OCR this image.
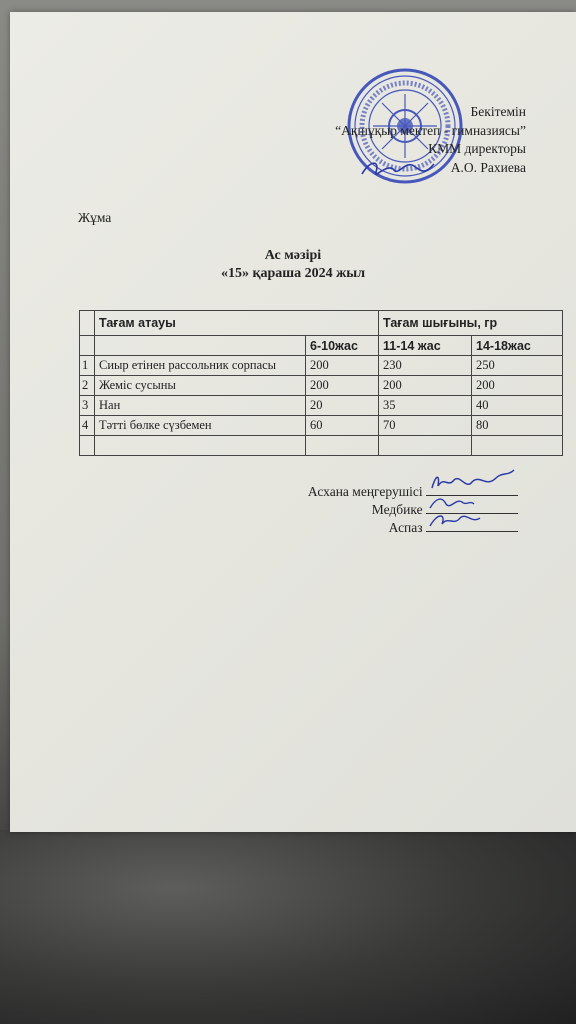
Бекітемін
“Ақшұқыр мектеп - гимназиясы”
КММ директоры
А.О. Рахиева
Жұма
Ас мәзірі
«15» қараша 2024 жыл
	Тағам атауы		Тағам шығыны, гр	
		6-10жас	11-14 жас	14-18жас
1	Сиыр етінен рассольник сорпасы	200	230	250
2	Жеміс сусыны	200	200	200
3	Нан	20	35	40
4	Тәтті бөлке сүзбемен	60	70	80

Асхана меңгерушісі
Медбике
Аспаз
